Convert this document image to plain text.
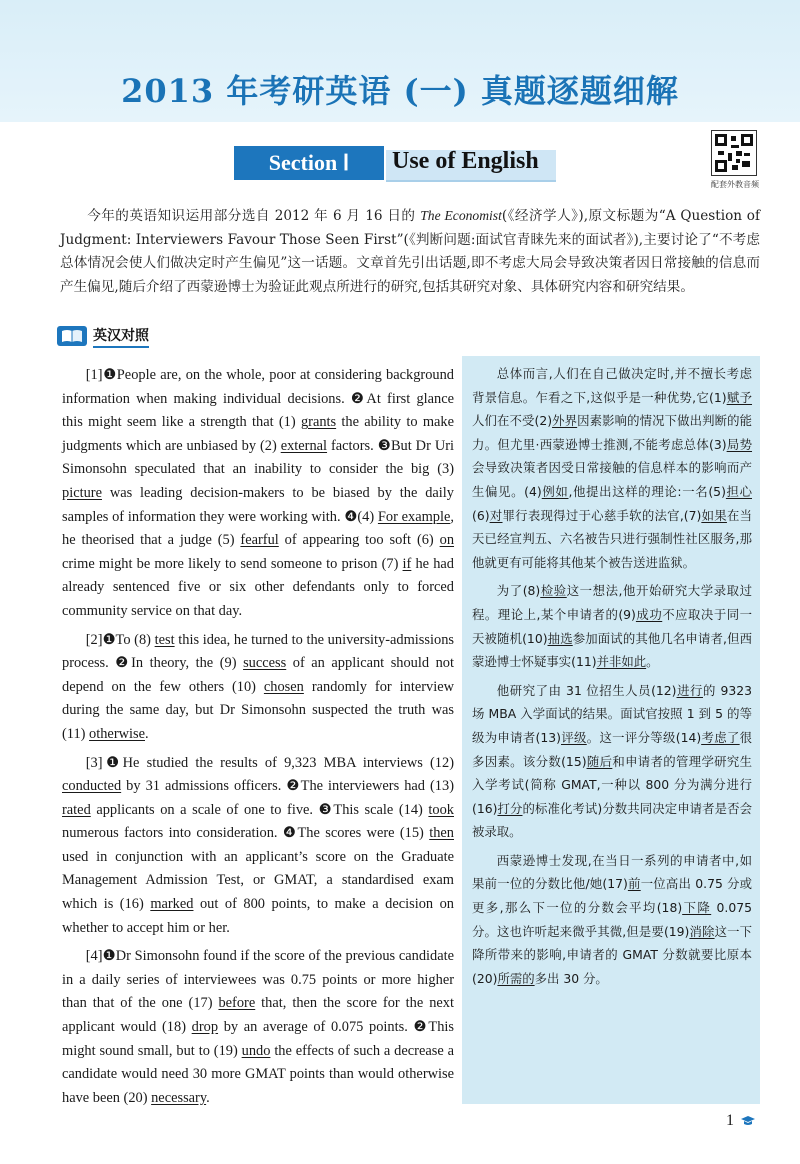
2013 年考研英语 (一) 真题逐题细解
Section Ⅰ	Use of English
配套外教音频

今年的英语知识运用部分选自 2012 年 6 月 16 日的 The Economist(《经济学人》),原文标题为“A Question of Judgment: Interviewers Favour Those Seen First”(《判断问题:面试官青睐先来的面试者》),主要讨论了“不考虑总体情况会使人们做决定时产生偏见”这一话题。文章首先引出话题,即不考虑大局会导致决策者因日常接触的信息而产生偏见,随后介绍了西蒙逊博士为验证此观点所进行的研究,包括其研究对象、具体研究内容和研究结果。

英汉对照

[1]❶People are, on the whole, poor at considering background information when making individual decisions. ❷At first glance this might seem like a strength that (1) grants the ability to make judgments which are unbiased by (2) external factors. ❸But Dr Uri Simonsohn speculated that an inability to consider the big (3) picture was leading decision-makers to be biased by the daily samples of information they were working with. ❹(4) For example, he theorised that a judge (5) fearful of appearing too soft (6) on crime might be more likely to send someone to prison (7) if he had already sentenced five or six other defendants only to forced community service on that day.

[2]❶To (8) test this idea, he turned to the university-admissions process. ❷In theory, the (9) success of an applicant should not depend on the few others (10) chosen randomly for interview during the same day, but Dr Simonsohn suspected the truth was (11) otherwise.

[3]❶He studied the results of 9,323 MBA interviews (12) conducted by 31 admissions officers. ❷The interviewers had (13) rated applicants on a scale of one to five. ❸This scale (14) took numerous factors into consideration. ❹The scores were (15) then used in conjunction with an applicant’s score on the Graduate Management Admission Test, or GMAT, a standardised exam which is (16) marked out of 800 points, to make a decision on whether to accept him or her.

[4]❶Dr Simonsohn found if the score of the previous candidate in a daily series of interviewees was 0.75 points or more higher than that of the one (17) before that, then the score for the next applicant would (18) drop by an average of 0.075 points. ❷This might sound small, but to (19) undo the effects of such a decrease a candidate would need 30 more GMAT points than would otherwise have been (20) necessary.

总体而言,人们在自己做决定时,并不擅长考虑背景信息。乍看之下,这似乎是一种优势,它(1)赋予人们在不受(2)外界因素影响的情况下做出判断的能力。但尤里·西蒙逊博士推测,不能考虑总体(3)局势会导致决策者因受日常接触的信息样本的影响而产生偏见。(4)例如,他提出这样的理论:一名(5)担心(6)对罪行表现得过于心慈手软的法官,(7)如果在当天已经宣判五、六名被告只进行强制性社区服务,那他就更有可能将其他某个被告送进监狱。

为了(8)检验这一想法,他开始研究大学录取过程。理论上,某个申请者的(9)成功不应取决于同一天被随机(10)抽选参加面试的其他几名申请者,但西蒙逊博士怀疑事实(11)并非如此。

他研究了由 31 位招生人员(12)进行的 9323 场 MBA 入学面试的结果。面试官按照 1 到 5 的等级为申请者(13)评级。这一评分等级(14)考虑了很多因素。该分数(15)随后和申请者的管理学研究生入学考试(简称 GMAT,一种以 800 分为满分进行(16)打分的标准化考试)分数共同决定申请者是否会被录取。

西蒙逊博士发现,在当日一系列的申请者中,如果前一位的分数比他/她(17)前一位高出 0.75 分或更多,那么下一位的分数会平均(18)下降 0.075 分。这也许听起来微乎其微,但是要(19)消除这一下降所带来的影响,申请者的 GMAT 分数就要比原本(20)所需的多出 30 分。

1
